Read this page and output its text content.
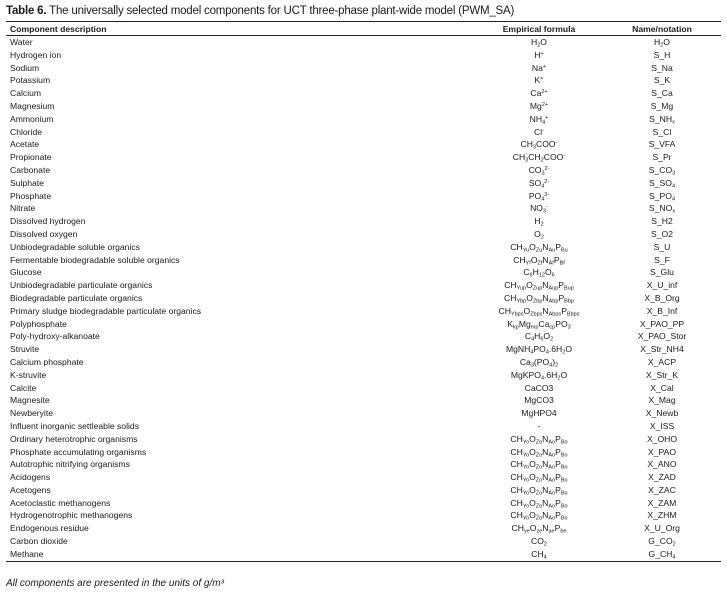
Table 6. The universally selected model components for UCT three-phase plant-wide model (PWM_SA)
Component description	Empirical formula	Name/notation
Water	$H_2O$	$H_2O$
Hydrogen ion	H+	S_H
Sodium	Na+	S_Na
Potassium	K+	S_K
Calcium	$Ca^{2+}$	S_Ca
Magnesium	$Mg^{2+}$	S_Mg
Ammonium	$NH_4^+$	$S\_NH_x$
Chloride	Cl-	S_Cl
Acetate	$CH_3COO^-$	S_VFA
Propionate	$CH_3CH_2COO^-$	S_Pr
Carbonate	$CO_3^{2-}$	$S\_CO_3$
Sulphate	$SO_4^{2-}$	$S\_SO_4$
Phosphate	$PO_4^{3-}$	$S\_PO_4$
Nitrate	$NO_3^-$	$S\_NO_x$
Dissolved hydrogen	$H_2$	S_H2
Dissolved oxygen	$O_2$	S_O2
Unbiodegradable soluble organics	$CH_{Yu}O_{Zu}N_{Au}P_{Bu}$	S_U
Fermentable biodegradable soluble organics	$CH_{Yf}O_{Zf}N_{Af}P_{Bf}$	S_F
Glucose	$C_6H_{12}O_6$	S_Glu
Unbiodegradable particulate organics	$CH_{Yup}O_{Zup}N_{Aup}P_{Bup}$	X_U_inf
Biodegradable particulate organics	$CH_{Ybp}O_{Zbp}N_{Abp}P_{Bbp}$	X_B_Org
Primary sludge biodegradable particulate organics	$CH_{Ybps}O_{Zbps}N_{Abps}P_{Bbps}$	X_B_Inf
Polyphosphate	$K_{kp}Mg_{mp}Ca_{cp}PO_3$	X_PAO_PP
Poly-hydroxy-alkanoate	$C_4H_6O_2$	X_PAO_Stor
Struvite	$MgNH_4PO_4.6H_2O$	X_Str_NH4
Calcium phosphate	$Ca_3(PO_4)_2$	X_ACP
K-struvite	$MgKPO_4.6H_2O$	X_Str_K
Calcite	CaCO3	X_Cal
Magnesite	MgCO3	X_Mag
Newberyite	MgHPO4	X_Newb
Influent inorganic settleable solids	-	X_ISS
Ordinary heterotrophic organisms	$CH_{Yo}O_{Zo}N_{Ao}P_{Bo}$	X_OHO
Phosphate accumulating organisms	$CH_{Yo}O_{Zo}N_{Ao}P_{Bo}$	X_PAO
Autotrophic nitrifying organisms	$CH_{Yo}O_{Zo}N_{Ao}P_{Bo}$	X_ANO
Acidogens	$CH_{Yo}O_{Zo}N_{Ao}P_{Bo}$	X_ZAD
Acetogens	$CH_{Yo}O_{Zo}N_{Ao}P_{Bo}$	X_ZAC
Acetoclastic methanogens	$CH_{Yo}O_{Zo}N_{Ao}P_{Bo}$	X_ZAM
Hydrogenotrophic methanogens	$CH_{Yo}O_{Zo}N_{Ao}P_{Bo}$	X_ZHM
Endogenous residue	$CH_{ye}O_{ze}N_{ae}P_{be}$	X_U_Org
Carbon dioxide	$CO_2$	$G\_CO_2$
Methane	$CH_4$	$G\_CH_4$
All components are presented in the units of g/m³
